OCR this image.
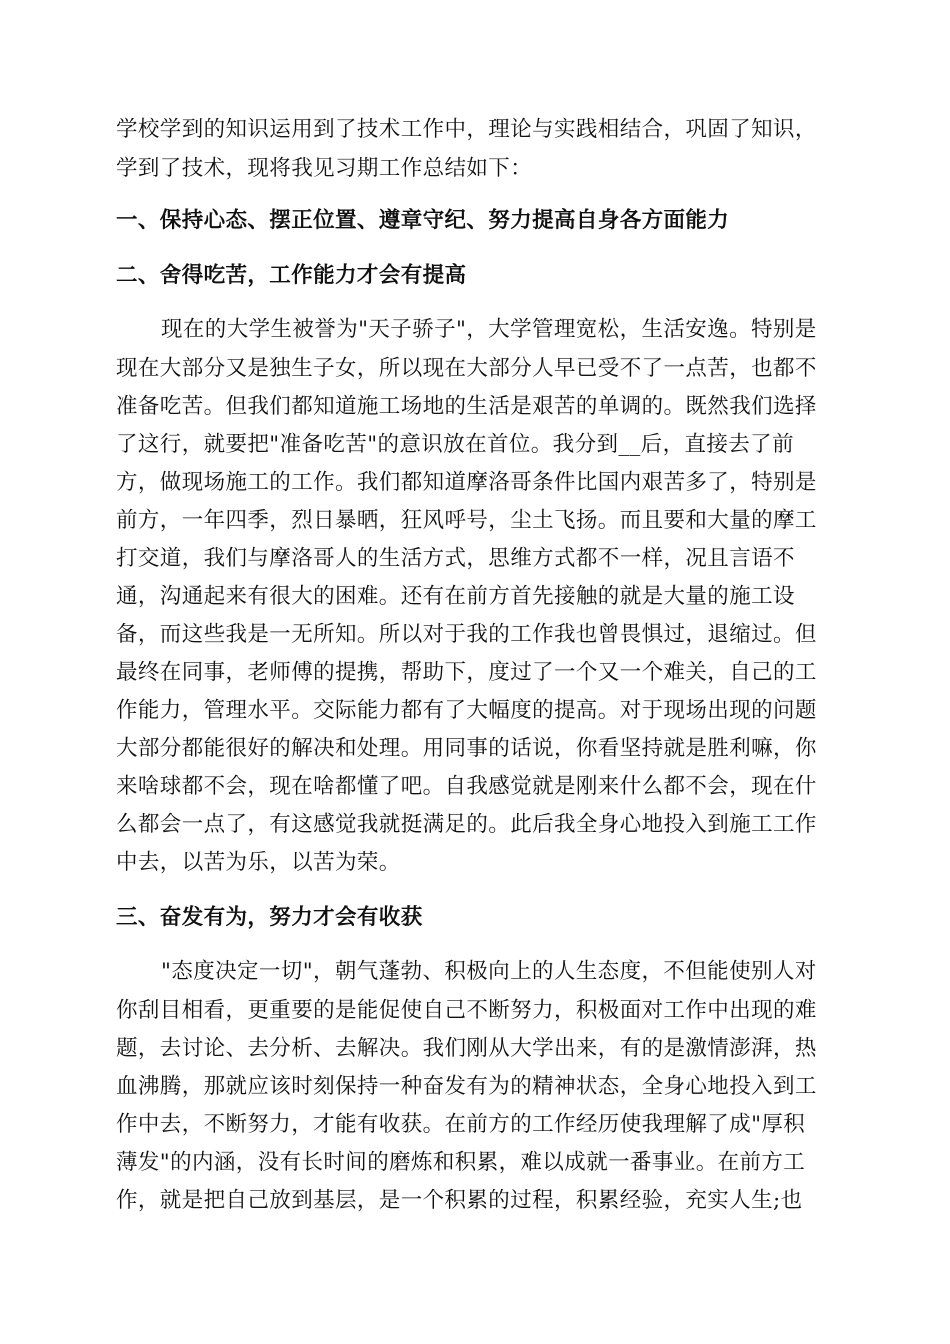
学校学到的知识运用到了技术工作中，理论与实践相结合，巩固了知识，
学到了技术，现将我见习期工作总结如下：
一、保持心态、摆正位置、遵章守纪、努力提高自身各方面能力
二、舍得吃苦，工作能力才会有提高
现在的大学生被誉为"天子骄子"，大学管理宽松，生活安逸。特别是
现在大部分又是独生子女，所以现在大部分人早已受不了一点苦，也都不
准备吃苦。但我们都知道施工场地的生活是艰苦的单调的。既然我们选择
了这行，就要把"准备吃苦"的意识放在首位。我分到__后，直接去了前
方，做现场施工的工作。我们都知道摩洛哥条件比国内艰苦多了，特别是
前方，一年四季，烈日暴晒，狂风呼号，尘土飞扬。而且要和大量的摩工
打交道，我们与摩洛哥人的生活方式，思维方式都不一样，况且言语不
通，沟通起来有很大的困难。还有在前方首先接触的就是大量的施工设
备，而这些我是一无所知。所以对于我的工作我也曾畏惧过，退缩过。但
最终在同事，老师傅的提携，帮助下，度过了一个又一个难关，自己的工
作能力，管理水平。交际能力都有了大幅度的提高。对于现场出现的问题
大部分都能很好的解决和处理。用同事的话说，你看坚持就是胜利嘛，你
来啥球都不会，现在啥都懂了吧。自我感觉就是刚来什么都不会，现在什
么都会一点了，有这感觉我就挺满足的。此后我全身心地投入到施工工作
中去，以苦为乐，以苦为荣。
三、奋发有为，努力才会有收获
"态度决定一切"，朝气蓬勃、积极向上的人生态度，不但能使别人对
你刮目相看，更重要的是能促使自己不断努力，积极面对工作中出现的难
题，去讨论、去分析、去解决。我们刚从大学出来，有的是激情澎湃，热
血沸腾，那就应该时刻保持一种奋发有为的精神状态，全身心地投入到工
作中去，不断努力，才能有收获。在前方的工作经历使我理解了成"厚积
薄发"的内涵，没有长时间的磨炼和积累，难以成就一番事业。在前方工
作，就是把自己放到基层，是一个积累的过程，积累经验，充实人生;也
